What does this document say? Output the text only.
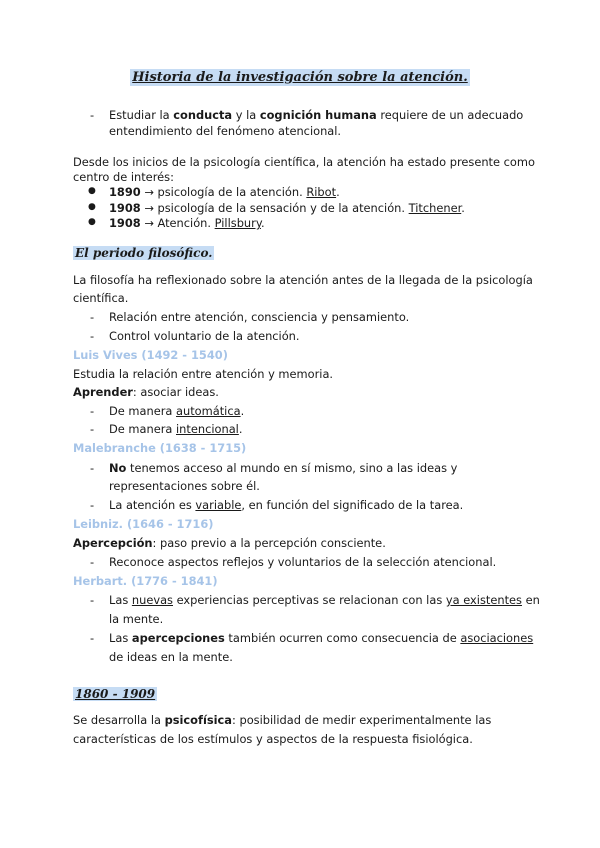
Historia de la investigación sobre la atención.
- Estudiar la conducta y la cognición humana requiere de un adecuado
entendimiento del fenómeno atencional.
Desde los inicios de la psicología científica, la atención ha estado presente como
centro de interés:
● 1890 → psicología de la atención. Ribot.
● 1908 → psicología de la sensación y de la atención. Titchener.
● 1908 → Atención. Pillsbury.
El periodo filosófico.
La filosofía ha reflexionado sobre la atención antes de la llegada de la psicología
científica.
- Relación entre atención, consciencia y pensamiento.
- Control voluntario de la atención.
Luis Vives (1492 - 1540)
Estudia la relación entre atención y memoria.
Aprender: asociar ideas.
- De manera automática.
- De manera intencional.
Malebranche (1638 - 1715)
- No tenemos acceso al mundo en sí mismo, sino a las ideas y
representaciones sobre él.
- La atención es variable, en función del significado de la tarea.
Leibniz. (1646 - 1716)
Apercepción: paso previo a la percepción consciente.
- Reconoce aspectos reflejos y voluntarios de la selección atencional.
Herbart. (1776 - 1841)
- Las nuevas experiencias perceptivas se relacionan con las ya existentes en
la mente.
- Las apercepciones también ocurren como consecuencia de asociaciones
de ideas en la mente.
1860 - 1909
Se desarrolla la psicofísica: posibilidad de medir experimentalmente las
características de los estímulos y aspectos de la respuesta fisiológica.
